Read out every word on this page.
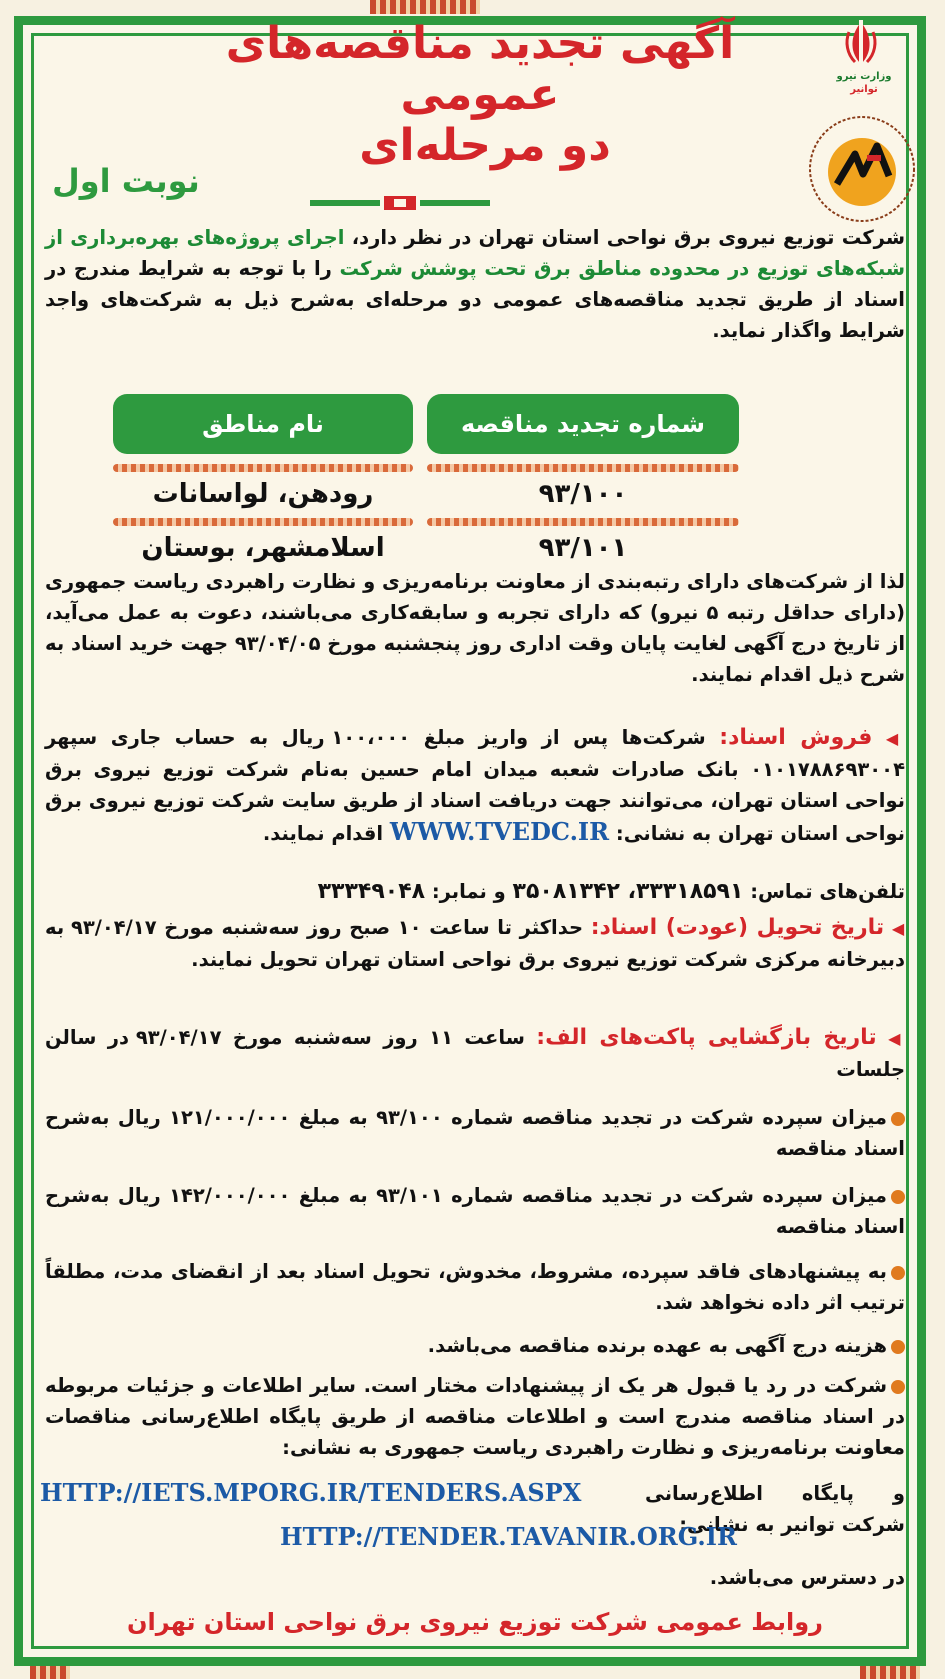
وزارت نیرو
توانیر
آگهی تجدید مناقصه‌های عمومی
دو مرحله‌ای
نوبت اول
شرکت توزیع نیروی برق نواحی استان تهران در نظر دارد، اجرای پروژه‌های بهره‌برداری از شبکه‌های توزیع در محدوده مناطق برق تحت پوشش شرکت را با توجه به شرایط مندرج در اسناد از طریق تجدید مناقصه‌های عمومی دو مرحله‌ای به‌شرح ذیل به شرکت‌های واجد شرایط واگذار نماید.
شماره تجدید مناقصه
نام مناطق
۹۳/۱۰۰
رودهن، لواسانات
۹۳/۱۰۱
اسلامشهر، بوستان
لذا از شرکت‌های دارای رتبه‌بندی از معاونت برنامه‌ریزی و نظارت راهبردی ریاست جمهوری (دارای حداقل رتبه ۵ نیرو) که دارای تجربه و سابقه‌کاری می‌باشند، دعوت به عمل می‌آید، از تاریخ درج آگهی لغایت پایان وقت اداری روز پنجشنبه مورخ ۹۳/۰۴/۰۵ جهت خرید اسناد به شرح ذیل اقدام نمایند.
◀ فروش اسناد: شرکت‌ها پس از واریز مبلغ ۱۰۰،۰۰۰ ریال به حساب جاری سپهر ۰۱۰۱۷۸۸۶۹۳۰۰۴ بانک صادرات شعبه میدان امام حسین به‌نام شرکت توزیع نیروی برق نواحی استان تهران، می‌توانند جهت دریافت اسناد از طریق سایت شرکت توزیع نیروی برق نواحی استان تهران به نشانی: WWW.TVEDC.IR اقدام نمایند.
تلفن‌های تماس: ۳۳۳۱۸۵۹۱، ۳۵۰۸۱۳۴۲ و نمابر: ۳۳۳۴۹۰۴۸
◀ تاریخ تحویل (عودت) اسناد: حداکثر تا ساعت ۱۰ صبح روز سه‌شنبه مورخ ۹۳/۰۴/۱۷ به دبیرخانه مرکزی شرکت توزیع نیروی برق نواحی استان تهران تحویل نمایند.
◀ تاریخ بازگشایی پاکت‌های الف: ساعت ۱۱ روز سه‌شنبه مورخ ۹۳/۰۴/۱۷ در سالن جلسات
میزان سپرده شرکت در تجدید مناقصه شماره ۹۳/۱۰۰ به مبلغ ۱۲۱/۰۰۰/۰۰۰ ریال به‌شرح اسناد مناقصه
میزان سپرده شرکت در تجدید مناقصه شماره ۹۳/۱۰۱ به مبلغ ۱۴۲/۰۰۰/۰۰۰ ریال به‌شرح اسناد مناقصه
به پیشنهادهای فاقد سپرده، مشروط، مخدوش، تحویل اسناد بعد از انقضای مدت، مطلقاً ترتیب اثر داده نخواهد شد.
هزینه درج آگهی به عهده برنده مناقصه می‌باشد.
شرکت در رد یا قبول هر یک از پیشنهادات مختار است. سایر اطلاعات و جزئیات مربوطه در اسناد مناقصه مندرج است و اطلاعات مناقصه از طریق پایگاه اطلاع‌رسانی مناقصات معاونت برنامه‌ریزی و نظارت راهبردی ریاست جمهوری به نشانی:
HTTP://IETS.MPORG.IR/TENDERS.ASPX	و پایگاه اطلاع‌رسانی شرکت توانیر به نشانی:
HTTP://TENDER.TAVANIR.ORG.IR
در دسترس می‌باشد.
روابط عمومی شرکت توزیع نیروی برق نواحی استان تهران
